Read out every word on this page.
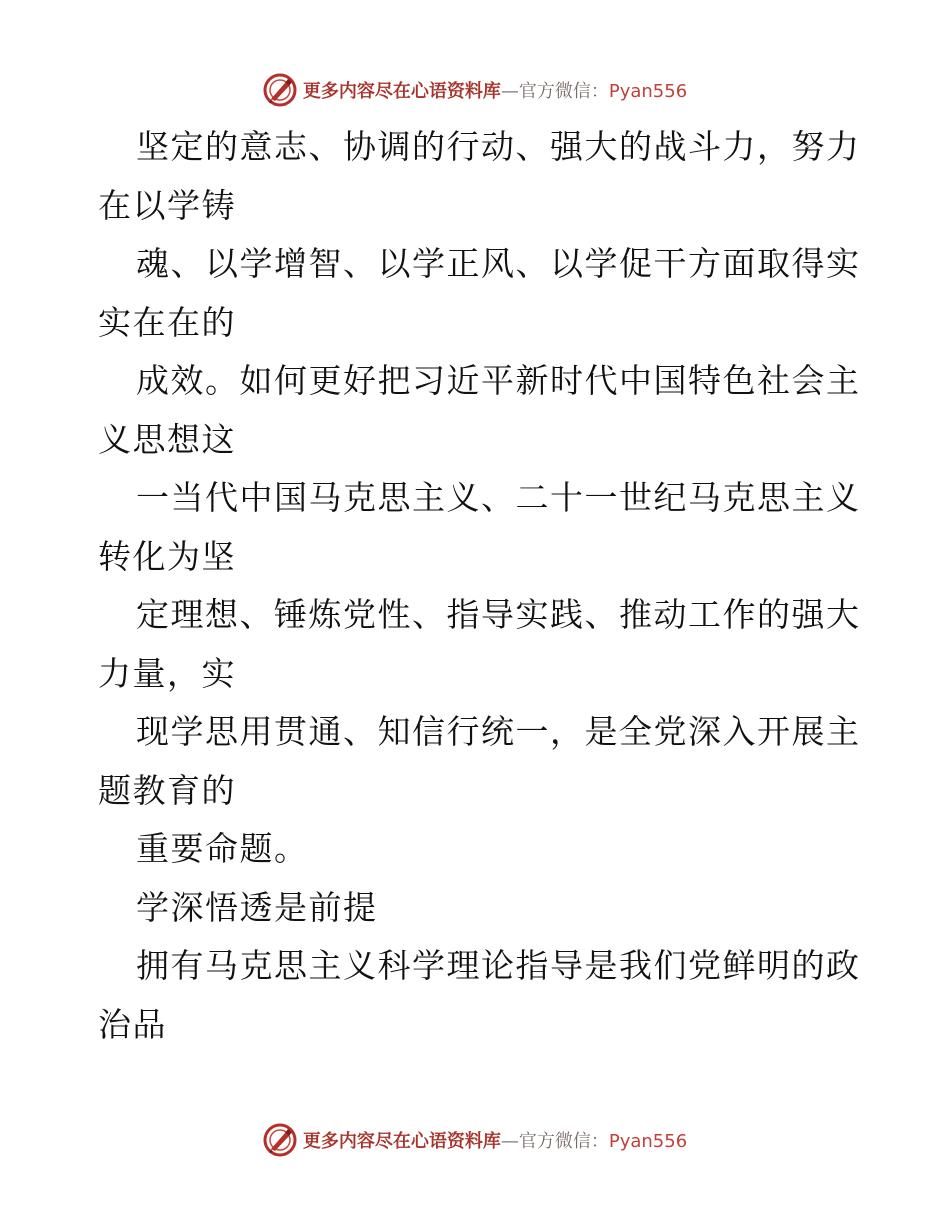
更多内容尽在心语资料库—官方微信：Pyan556
坚定的意志、协调的行动、强大的战斗力，努力
在以学铸
魂、以学增智、以学正风、以学促干方面取得实
实在在的
成效。如何更好把习近平新时代中国特色社会主
义思想这
一当代中国马克思主义、二十一世纪马克思主义
转化为坚
定理想、锤炼党性、指导实践、推动工作的强大
力量，实
现学思用贯通、知信行统一，是全党深入开展主
题教育的
重要命题。
学深悟透是前提
拥有马克思主义科学理论指导是我们党鲜明的政
治品
更多内容尽在心语资料库—官方微信：Pyan556
